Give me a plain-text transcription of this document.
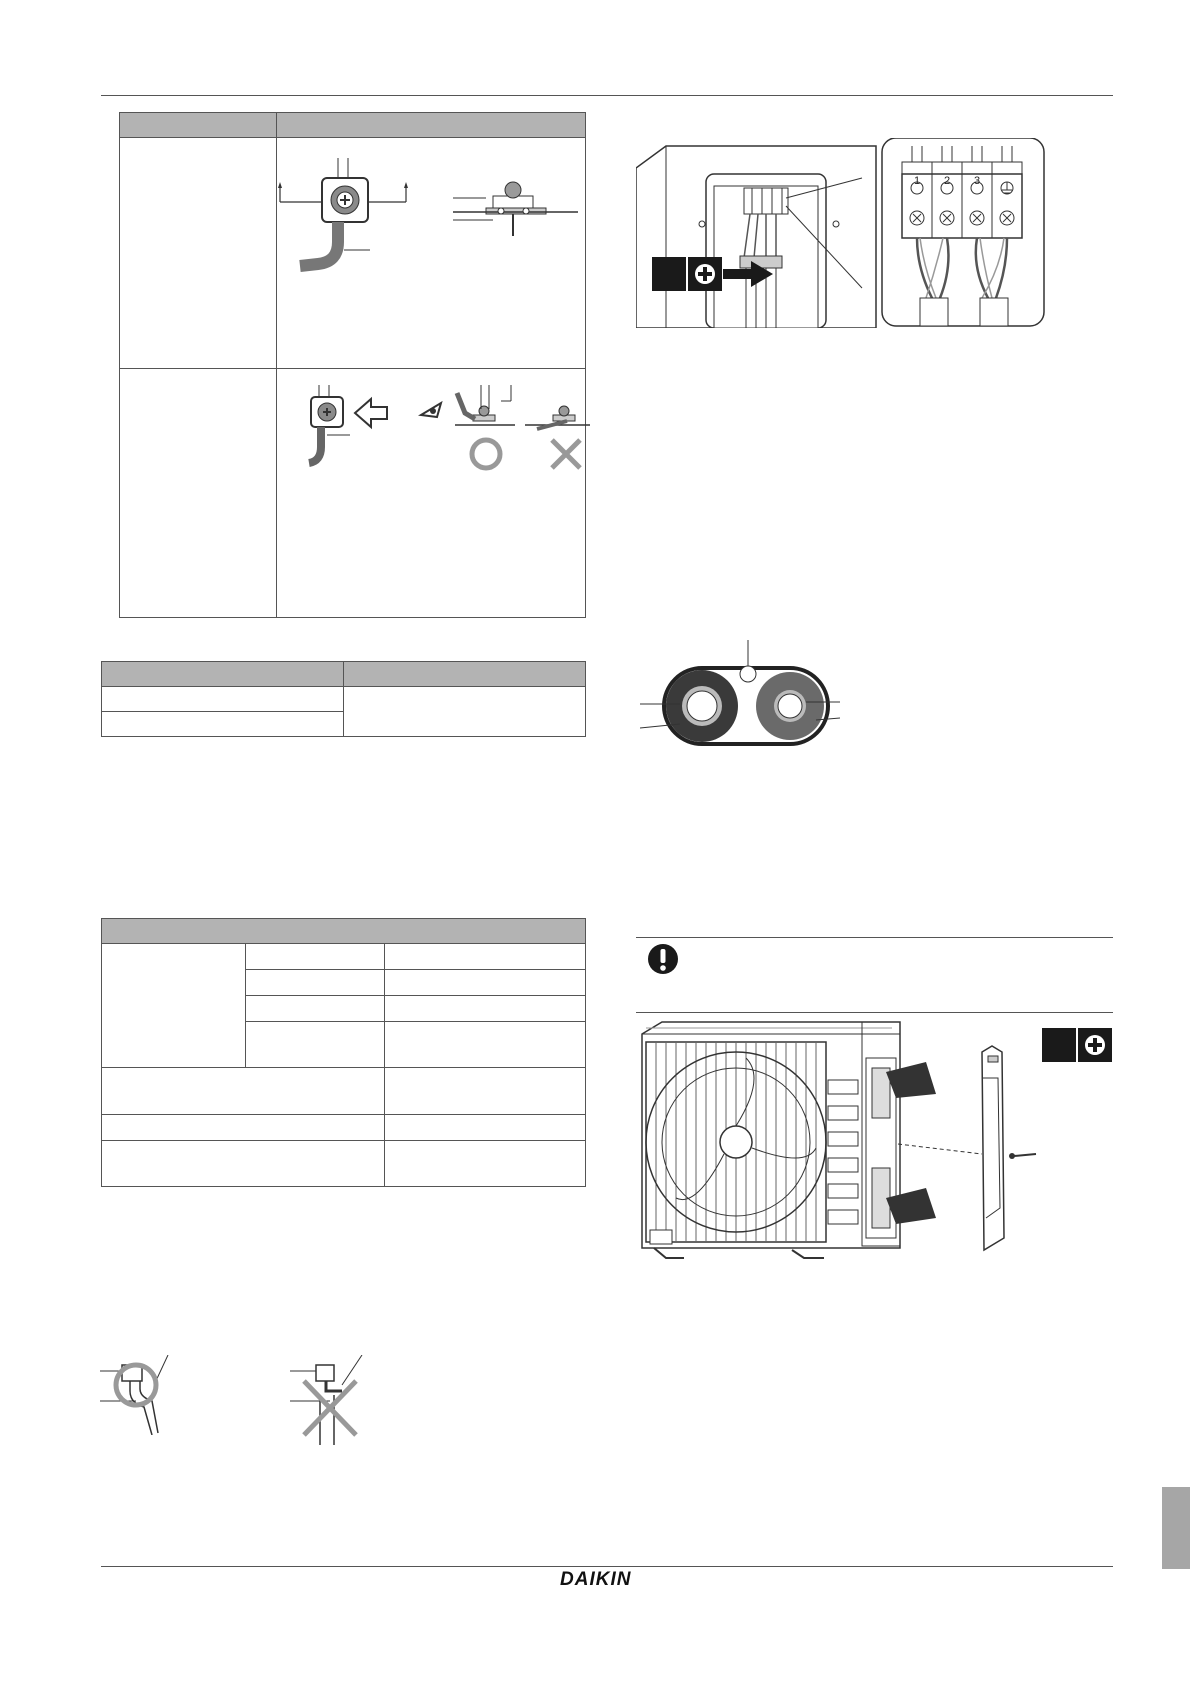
1	2	3
DAIKIN
